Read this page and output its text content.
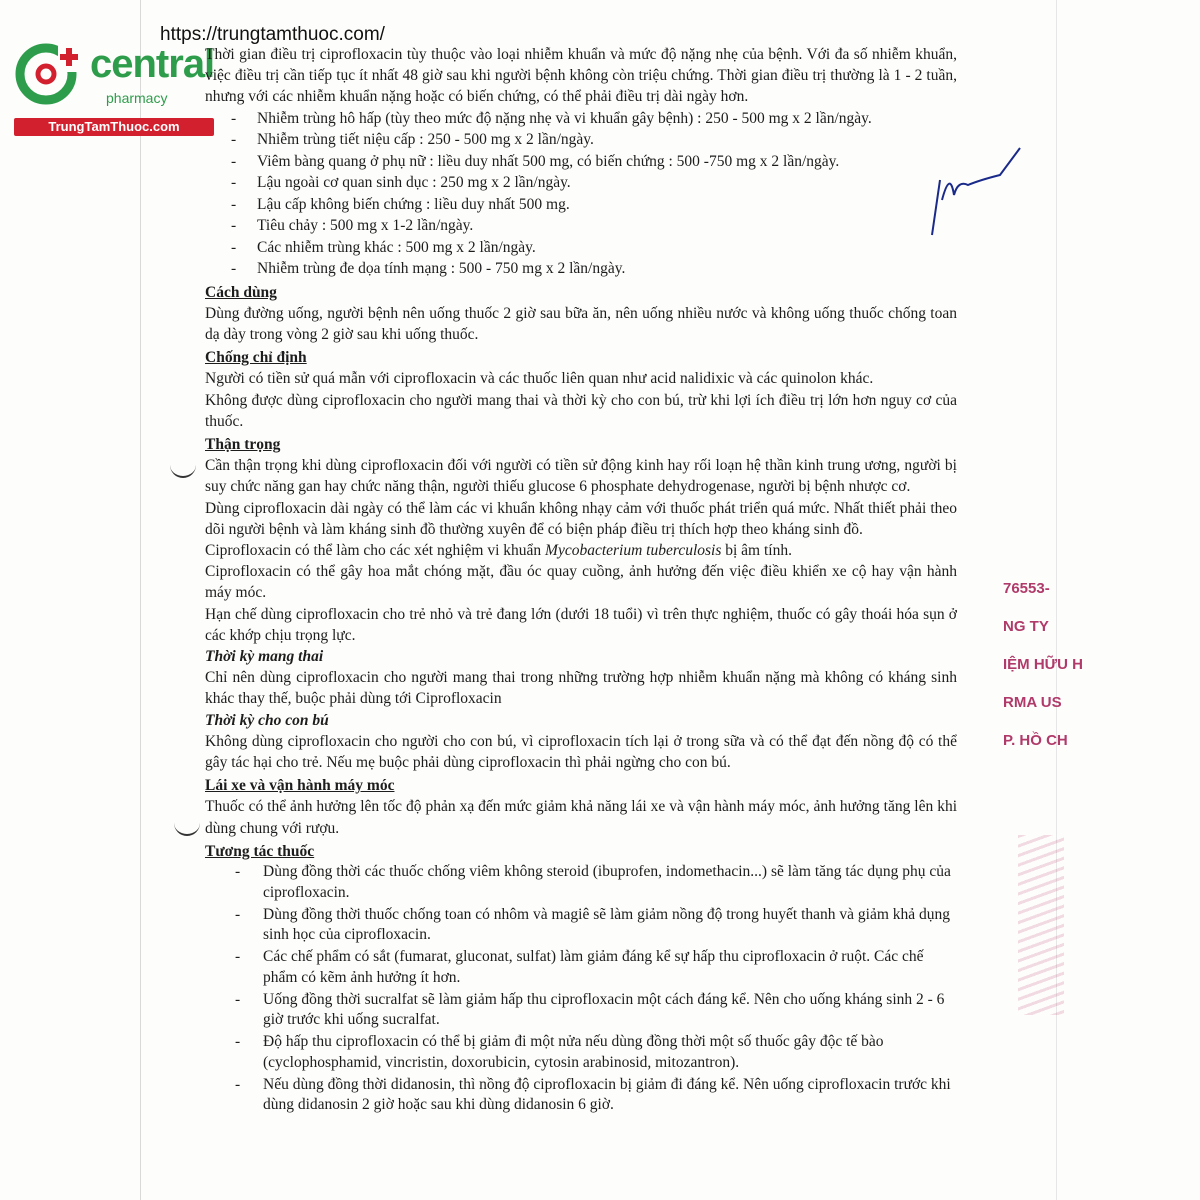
https://trungtamthuoc.com/
central
pharmacy
TrungTamThuoc.com

Thời gian điều trị ciprofloxacin tùy thuộc vào loại nhiễm khuẩn và mức độ nặng nhẹ của bệnh. Với đa số nhiễm khuẩn, việc điều trị cần tiếp tục ít nhất 48 giờ sau khi người bệnh không còn triệu chứng. Thời gian điều trị thường là 1 - 2 tuần, nhưng với các nhiễm khuẩn nặng hoặc có biến chứng, có thể phải điều trị dài ngày hơn.

- Nhiễm trùng hô hấp (tùy theo mức độ nặng nhẹ và vi khuẩn gây bệnh) : 250 - 500 mg x 2 lần/ngày.
- Nhiễm trùng tiết niệu cấp : 250 - 500 mg x 2 lần/ngày.
- Viêm bàng quang ở phụ nữ : liều duy nhất 500 mg, có biến chứng : 500 -750 mg x 2 lần/ngày.
- Lậu ngoài cơ quan sinh dục : 250 mg x 2 lần/ngày.
- Lậu cấp không biến chứng : liều duy nhất 500 mg.
- Tiêu chảy : 500 mg x 1-2 lần/ngày.
- Các nhiễm trùng khác : 500 mg x 2 lần/ngày.
- Nhiễm trùng đe dọa tính mạng : 500 - 750 mg x 2 lần/ngày.

Cách dùng

Dùng đường uống, người bệnh nên uống thuốc 2 giờ sau bữa ăn, nên uống nhiều nước và không uống thuốc chống toan dạ dày trong vòng 2 giờ sau khi uống thuốc.

Chống chỉ định

Người có tiền sử quá mẫn với ciprofloxacin và các thuốc liên quan như acid nalidixic và các quinolon khác.

Không được dùng ciprofloxacin cho người mang thai và thời kỳ cho con bú, trừ khi lợi ích điều trị lớn hơn nguy cơ của thuốc.

Thận trọng

Cần thận trọng khi dùng ciprofloxacin đối với người có tiền sử động kinh hay rối loạn hệ thần kinh trung ương, người bị suy chức năng gan hay chức năng thận, người thiếu glucose 6 phosphate dehydrogenase, người bị bệnh nhược cơ.

Dùng ciprofloxacin dài ngày có thể làm các vi khuẩn không nhạy cảm với thuốc phát triển quá mức. Nhất thiết phải theo dõi người bệnh và làm kháng sinh đồ thường xuyên để có biện pháp điều trị thích hợp theo kháng sinh đồ.

Ciprofloxacin có thể làm cho các xét nghiệm vi khuẩn Mycobacterium tuberculosis bị âm tính.

Ciprofloxacin có thể gây hoa mắt chóng mặt, đầu óc quay cuồng, ảnh hưởng đến việc điều khiển xe cộ hay vận hành máy móc.

Hạn chế dùng ciprofloxacin cho trẻ nhỏ và trẻ đang lớn (dưới 18 tuổi) vì trên thực nghiệm, thuốc có gây thoái hóa sụn ở các khớp chịu trọng lực.

Thời kỳ mang thai

Chỉ nên dùng ciprofloxacin cho người mang thai trong những trường hợp nhiễm khuẩn nặng mà không có kháng sinh khác thay thế, buộc phải dùng tới Ciprofloxacin

Thời kỳ cho con bú

Không dùng ciprofloxacin cho người cho con bú, vì ciprofloxacin tích lại ở trong sữa và có thể đạt đến nồng độ có thể gây tác hại cho trẻ. Nếu mẹ buộc phải dùng ciprofloxacin thì phải ngừng cho con bú.

Lái xe và vận hành máy móc

Thuốc có thể ảnh hưởng lên tốc độ phản xạ đến mức giảm khả năng lái xe và vận hành máy móc, ảnh hưởng tăng lên khi dùng chung với rượu.

Tương tác thuốc

- Dùng đồng thời các thuốc chống viêm không steroid (ibuprofen, indomethacin...) sẽ làm tăng tác dụng phụ của ciprofloxacin.
- Dùng đồng thời thuốc chống toan có nhôm và magiê sẽ làm giảm nồng độ trong huyết thanh và giảm khả dụng sinh học của ciprofloxacin.
- Các chế phẩm có sắt (fumarat, gluconat, sulfat) làm giảm đáng kể sự hấp thu ciprofloxacin ở ruột. Các chế phẩm có kẽm ảnh hưởng ít hơn.
- Uống đồng thời sucralfat sẽ làm giảm hấp thu ciprofloxacin một cách đáng kể. Nên cho uống kháng sinh 2 - 6 giờ trước khi uống sucralfat.
- Độ hấp thu ciprofloxacin có thể bị giảm đi một nửa nếu dùng đồng thời một số thuốc gây độc tế bào (cyclophosphamid, vincristin, doxorubicin, cytosin arabinosid, mitozantron).
- Nếu dùng đồng thời didanosin, thì nồng độ ciprofloxacin bị giảm đi đáng kể. Nên uống ciprofloxacin trước khi dùng didanosin 2 giờ hoặc sau khi dùng didanosin 6 giờ.
76553-
NG TY
IỆM HỮU H
RMA US
P. HỒ CH
